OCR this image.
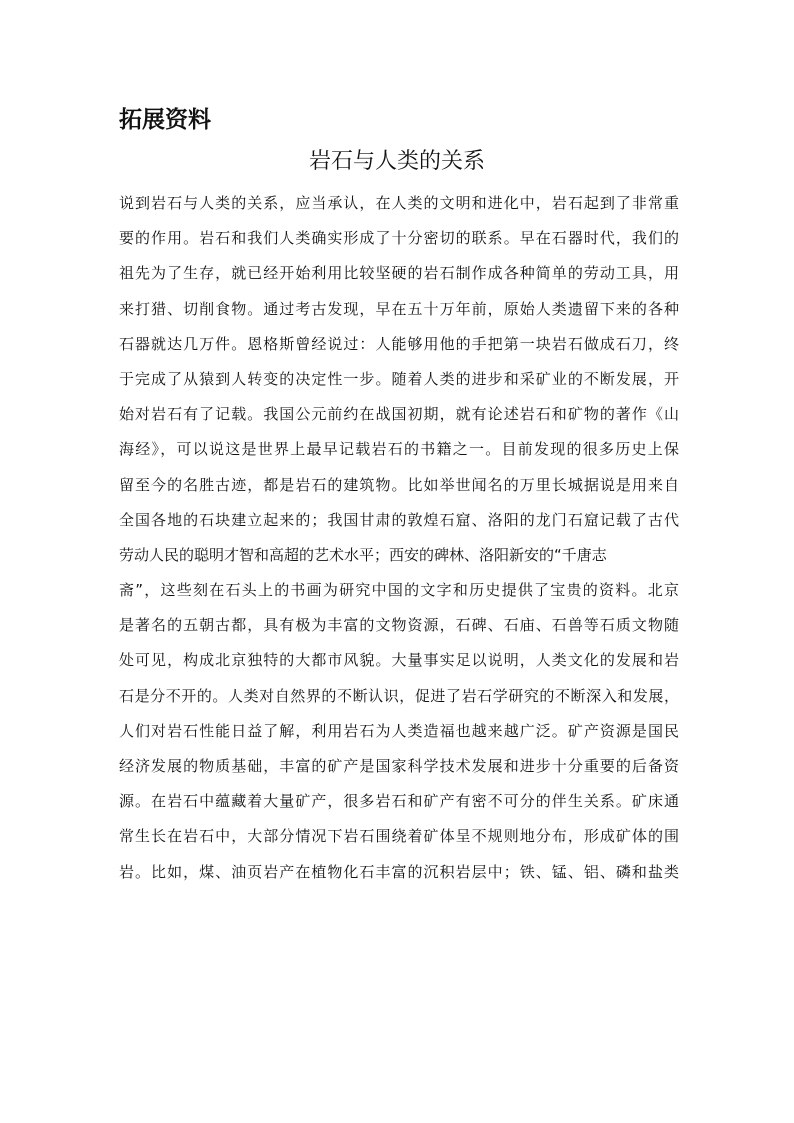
拓展资料
岩石与人类的关系
说到岩石与人类的关系，应当承认，在人类的文明和进化中，岩石起到了非常重
要的作用。岩石和我们人类确实形成了十分密切的联系。早在石器时代，我们的
祖先为了生存，就已经开始利用比较坚硬的岩石制作成各种简单的劳动工具，用
来打猎、切削食物。通过考古发现，早在五十万年前，原始人类遗留下来的各种
石器就达几万件。恩格斯曾经说过：人能够用他的手把第一块岩石做成石刀，终
于完成了从猿到人转变的决定性一步。随着人类的进步和采矿业的不断发展，开
始对岩石有了记载。我国公元前约在战国初期，就有论述岩石和矿物的著作《山
海经》，可以说这是世界上最早记载岩石的书籍之一。目前发现的很多历史上保
留至今的名胜古迹，都是岩石的建筑物。比如举世闻名的万里长城据说是用来自
全国各地的石块建立起来的；我国甘肃的敦煌石窟、洛阳的龙门石窟记载了古代
劳动人民的聪明才智和高超的艺术水平；西安的碑林、洛阳新安的“千唐志
斋”，这些刻在石头上的书画为研究中国的文字和历史提供了宝贵的资料。北京
是著名的五朝古都，具有极为丰富的文物资源，石碑、石庙、石兽等石质文物随
处可见，构成北京独特的大都市风貌。大量事实足以说明，人类文化的发展和岩
石是分不开的。人类对自然界的不断认识，促进了岩石学研究的不断深入和发展，
人们对岩石性能日益了解，利用岩石为人类造福也越来越广泛。矿产资源是国民
经济发展的物质基础，丰富的矿产是国家科学技术发展和进步十分重要的后备资
源。在岩石中蕴藏着大量矿产，很多岩石和矿产有密不可分的伴生关系。矿床通
常生长在岩石中，大部分情况下岩石围绕着矿体呈不规则地分布，形成矿体的围
岩。比如，煤、油页岩产在植物化石丰富的沉积岩层中；铁、锰、铝、磷和盐类
